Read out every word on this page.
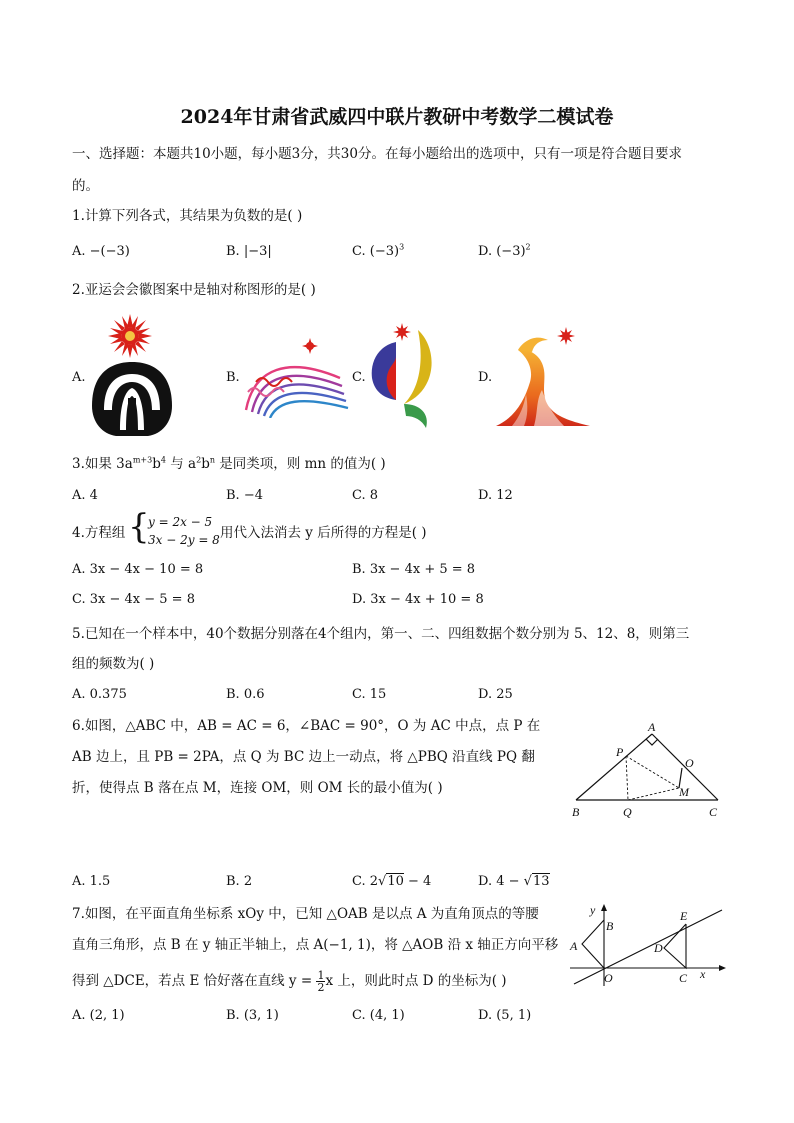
2024年甘肃省武威四中联片教研中考数学二模试卷
一、选择题：本题共10小题，每小题3分，共30分。在每小题给出的选项中，只有一项是符合题目要求
的。
1.计算下列各式，其结果为负数的是( )
A. −(−3)	B. |−3|	C. $(-3)^3$	D. $(-3)^2$
2.亚运会会徽图案中是轴对称图形的是( )
A.	B.	C.	D.
3.如果 $3a^{m+3}b^4$ 与 $a^2b^n$ 是同类项，则 mn 的值为( )
A. 4	B. −4	C. 8	D. 12
4.方程组 {
y = 2x − 5
3x − 2y = 8 用代入法消去 y 后所得的方程是( )
A. 3x − 4x − 10 = 8	B. 3x − 4x + 5 = 8
C. 3x − 4x − 5 = 8	D. 3x − 4x + 10 = 8
5.已知在一个样本中，40个数据分别落在4个组内，第一、二、四组数据个数分别为 5、12、8，则第三
组的频数为( )
A. 0.375	B. 0.6	C. 15	D. 25
6.如图，△ABC 中，AB = AC = 6，∠BAC = 90°，O 为 AC 中点，点 P 在
AB 边上，且 PB = 2PA，点 Q 为 BC 边上一动点，将 △PBQ 沿直线 PQ 翻
折，使得点 B 落在点 M，连接 OM，则 OM 长的最小值为( )
A
P
O
M
B	Q	C
A. 1.5	B. 2	C. 2√10 − 4	D. 4 − √13
7.如图，在平面直角坐标系 xOy 中，已知 △OAB 是以点 A 为直角顶点的等腰
直角三角形，点 B 在 y 轴正半轴上，点 A(−1, 1)，将 △AOB 沿 x 轴正方向平移
得到 △DCE，若点 E 恰好落在直线 $y = \frac{1}{2}$ x 上，则此时点 D 的坐标为( )
y
B
A
O
E
D
C x
A. (2, 1)	B. (3, 1)	C. (4, 1)	D. (5, 1)
